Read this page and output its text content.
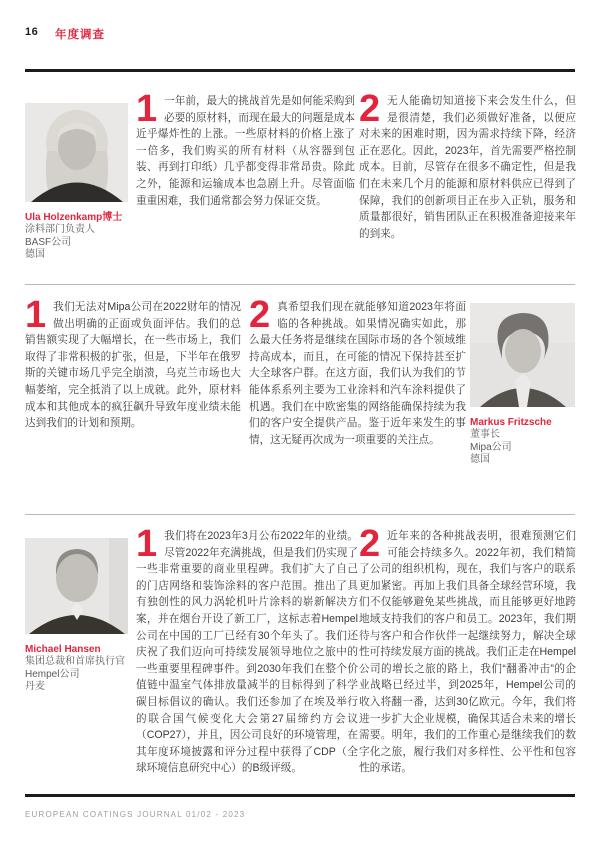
16 年度调查
Ula Holzenkamp博士
涂料部门负责人
BASF公司
德国

1 一年前，最大的挑战首先是如何能采购到必要的原材料，而现在最大的问题是成本近乎爆炸性的上涨。一些原材料的价格上涨了一倍多，我们购买的所有材料（从容器到包装、再到打印纸）几乎都变得非常昂贵。除此之外，能源和运输成本也急剧上升。尽管面临重重困难，我们通常都会努力保证交货。

2 无人能确切知道接下来会发生什么，但是很清楚，我们必须做好准备，以便应对未来的困难时期，因为需求持续下降，经济正在恶化。因此，2023年，首先需要严格控制成本。目前，尽管存在很多不确定性，但是我们在未来几个月的能源和原材料供应已得到了保障，我们的创新项目正在步入正轨，服务和质量都很好，销售团队正在积极准备迎接来年的到来。

1 我们无法对Mipa公司在2022财年的情况做出明确的正面或负面评估。我们的总销售额实现了大幅增长，在一些市场上，我们取得了非常积极的扩张，但是，下半年在俄罗斯的关键市场几乎完全崩溃，乌克兰市场也大幅萎缩，完全抵消了以上成就。此外，原材料成本和其他成本的疯狂飙升导致年度业绩未能达到我们的计划和预期。

2 真希望我们现在就能够知道2023年将面临的各种挑战。如果情况确实如此，那么最大任务将是继续在国际市场的各个领域维持高成本，而且，在可能的情况下保持甚至扩大全球客户群。在这方面，我们认为我们的节能体系系列主要为工业涂料和汽车涂料提供了机遇。我们在中欧密集的网络能确保持续为我们的客户安全提供产品。鉴于近年来发生的事情，这无疑再次成为一项重要的关注点。

Markus Fritzsche
董事长
Mipa公司
德国
Michael Hansen
集团总裁和首席执行官
Hempel公司
丹麦

1 我们将在2023年3月公布2022年的业绩。尽管2022年充满挑战，但是我们仍实现了一些非常重要的商业里程碑。我们扩大了自己的门店网络和装饰涂料的客户范围。推出了具有独创性的风力涡轮机叶片涂料的崭新解决方案，并在烟台开设了新工厂，这标志着Hempel公司在中国的工厂已经有30个年头了。我们还庆祝了我们迈向可持续发展领导地位之旅中的一些重要里程碑事件。到2030年我们在整个价值链中温室气体排放量减半的目标得到了科学碳目标倡议的确认。我们还参加了在埃及举行的联合国气候变化大会第27届缔约方会议（COP27），并且，因公司良好的环境管理，在其年度环境披露和评分过程中获得了CDP（全球环境信息研究中心）的B级评级。

2 近年来的各种挑战表明，很难预测它们可能会持续多久。2022年初，我们精简了公司的组织机构，现在，我们与客户的联系更加紧密。再加上我们具备全球经营环境，我们不仅能够避免某些挑战，而且能够更好地跨地域支持我们的客户和员工。2023年，我们期待与客户和合作伙伴一起继续努力，解决全球性可持续发展方面的挑战。我们正走在Hempel公司的增长之旅的路上，我们“翻番冲击”的企业战略已经过半，到2025年，Hempel公司的收入将翻一番，达到30亿欧元。今年，我们将进一步扩大企业规模，确保其适合未来的增长需要。明年，我们的工作重心是继续我们的数字化之旅，履行我们对多样性、公平性和包容性的承诺。

EUROPEAN COATINGS JOURNAL 01/02 - 2023
